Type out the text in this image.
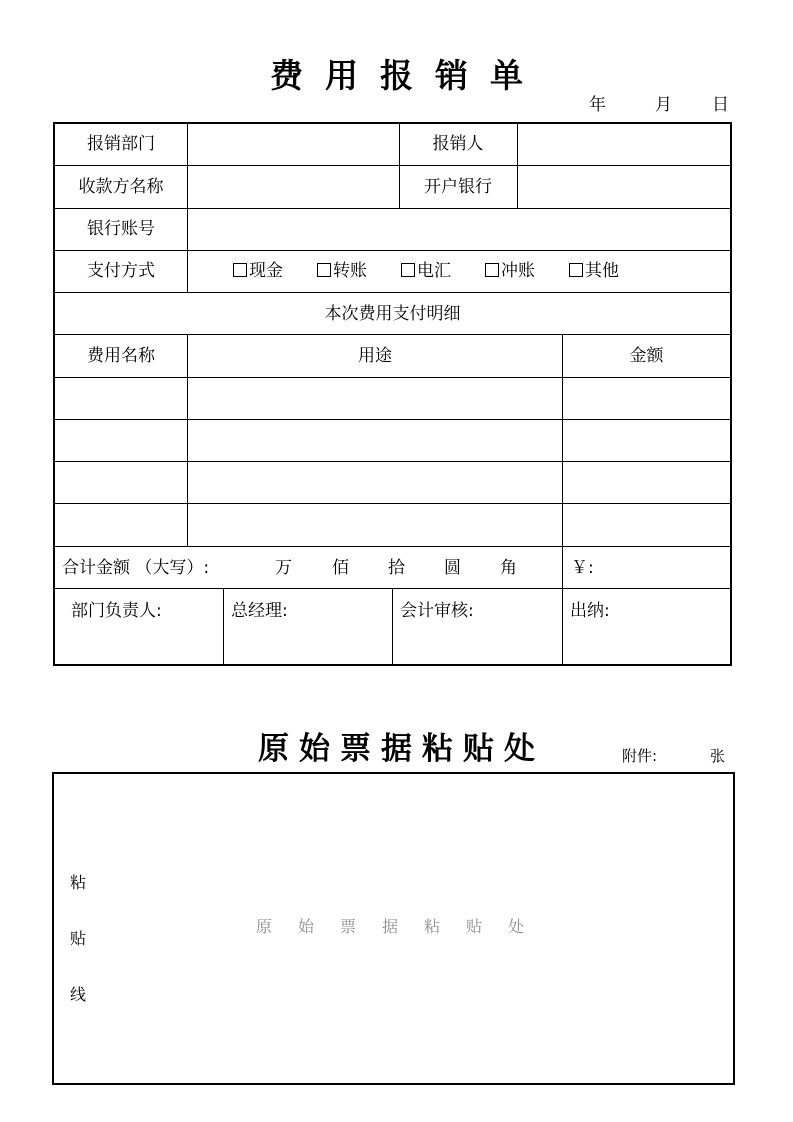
费用报销单
年	月 日
报销部门	报销人
收款方名称	开户银行
银行账号
支付方式	现金	转账	电汇	冲账	其他
本次费用支付明细
费用名称	用途	金额
合计金额 （大写）:	万 佰 拾 圆 角	￥:
部门负责人:	总经理:	会计审核:	出纳:
原始票据粘贴处	附件:	张
粘
贴
线
原始票据粘贴处
